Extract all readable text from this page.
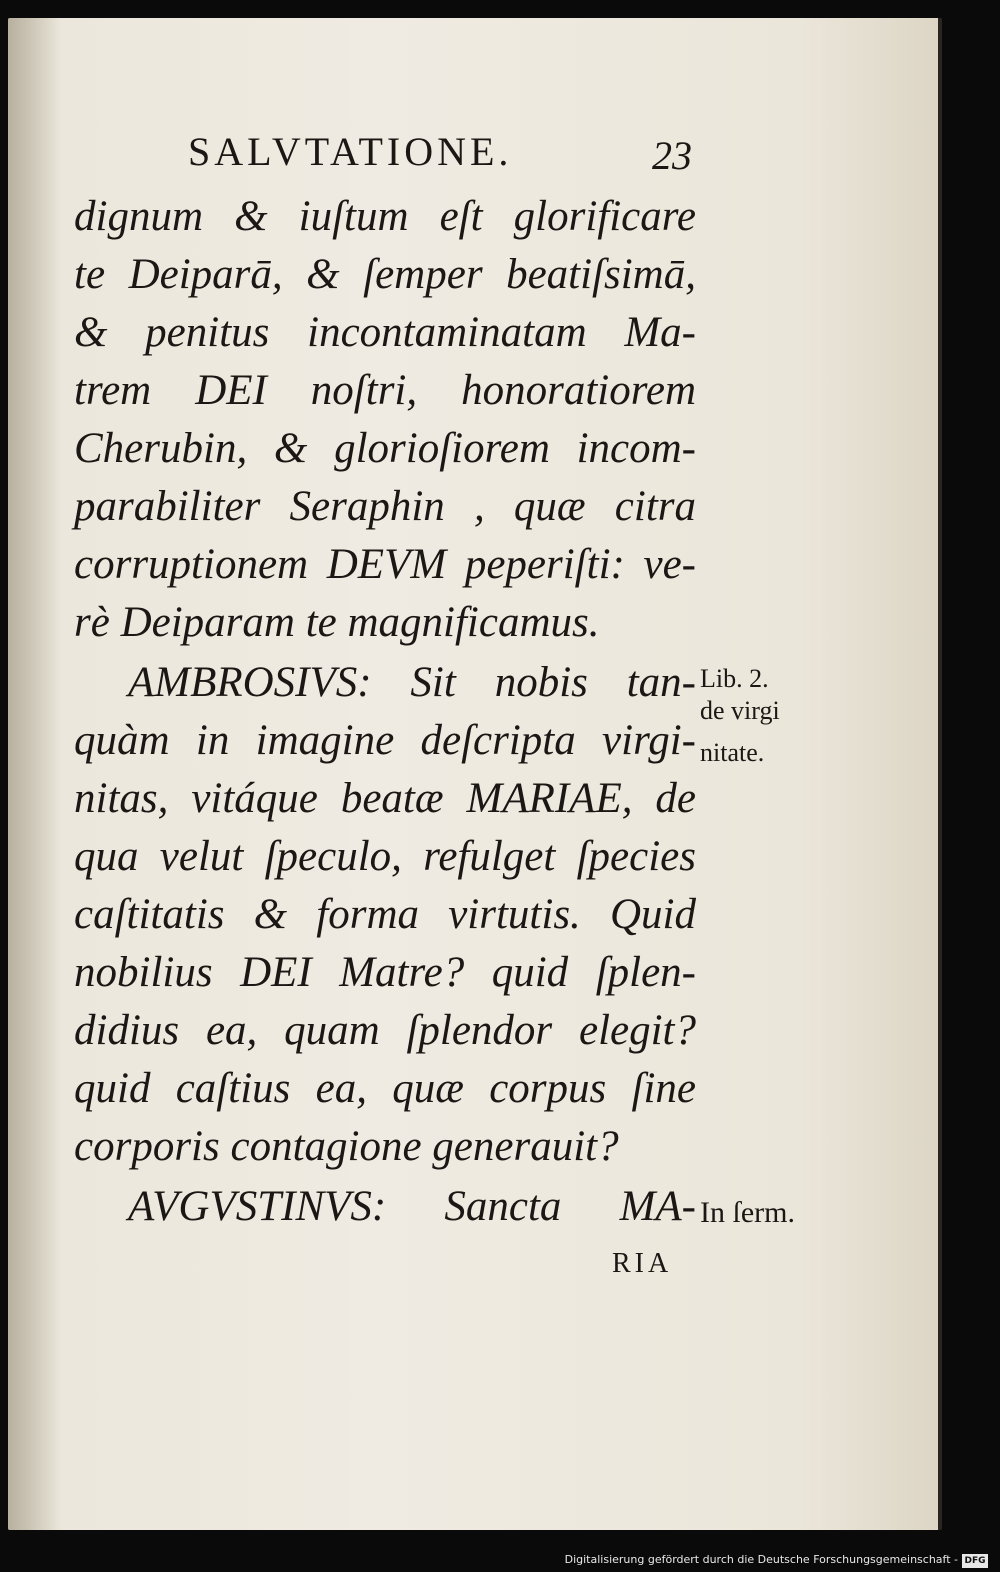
SALVTATIONE.	23
dignum & iuſtum eſt glorificare
te Deiparā, & ſemper beatiſsimā,
& penitus incontaminatam Ma-
trem DEI noſtri, honoratiorem
Cherubin, & glorioſiorem incom-
parabiliter Seraphin , quæ citra
corruptionem DEVM peperiſti: ve-
rè Deiparam te magnificamus.
AMBROSIVS: Sit nobis tan-
quàm in imagine deſcripta virgi-
nitas, vitáque beatæ MARIAE, de
qua velut ſpeculo, refulget ſpecies
caſtitatis & forma virtutis. Quid
nobilius DEI Matre? quid ſplen-
didius ea, quam ſplendor elegit?
quid caſtius ea, quæ corpus ſine
corporis contagione generauit?
AVGVSTINVS: Sancta MA-
Lib. 2.
de virgi
nitate.
In ſerm.
RIA
Digitalisierung gefördert durch die Deutsche Forschungsgemeinschaft - DFG
